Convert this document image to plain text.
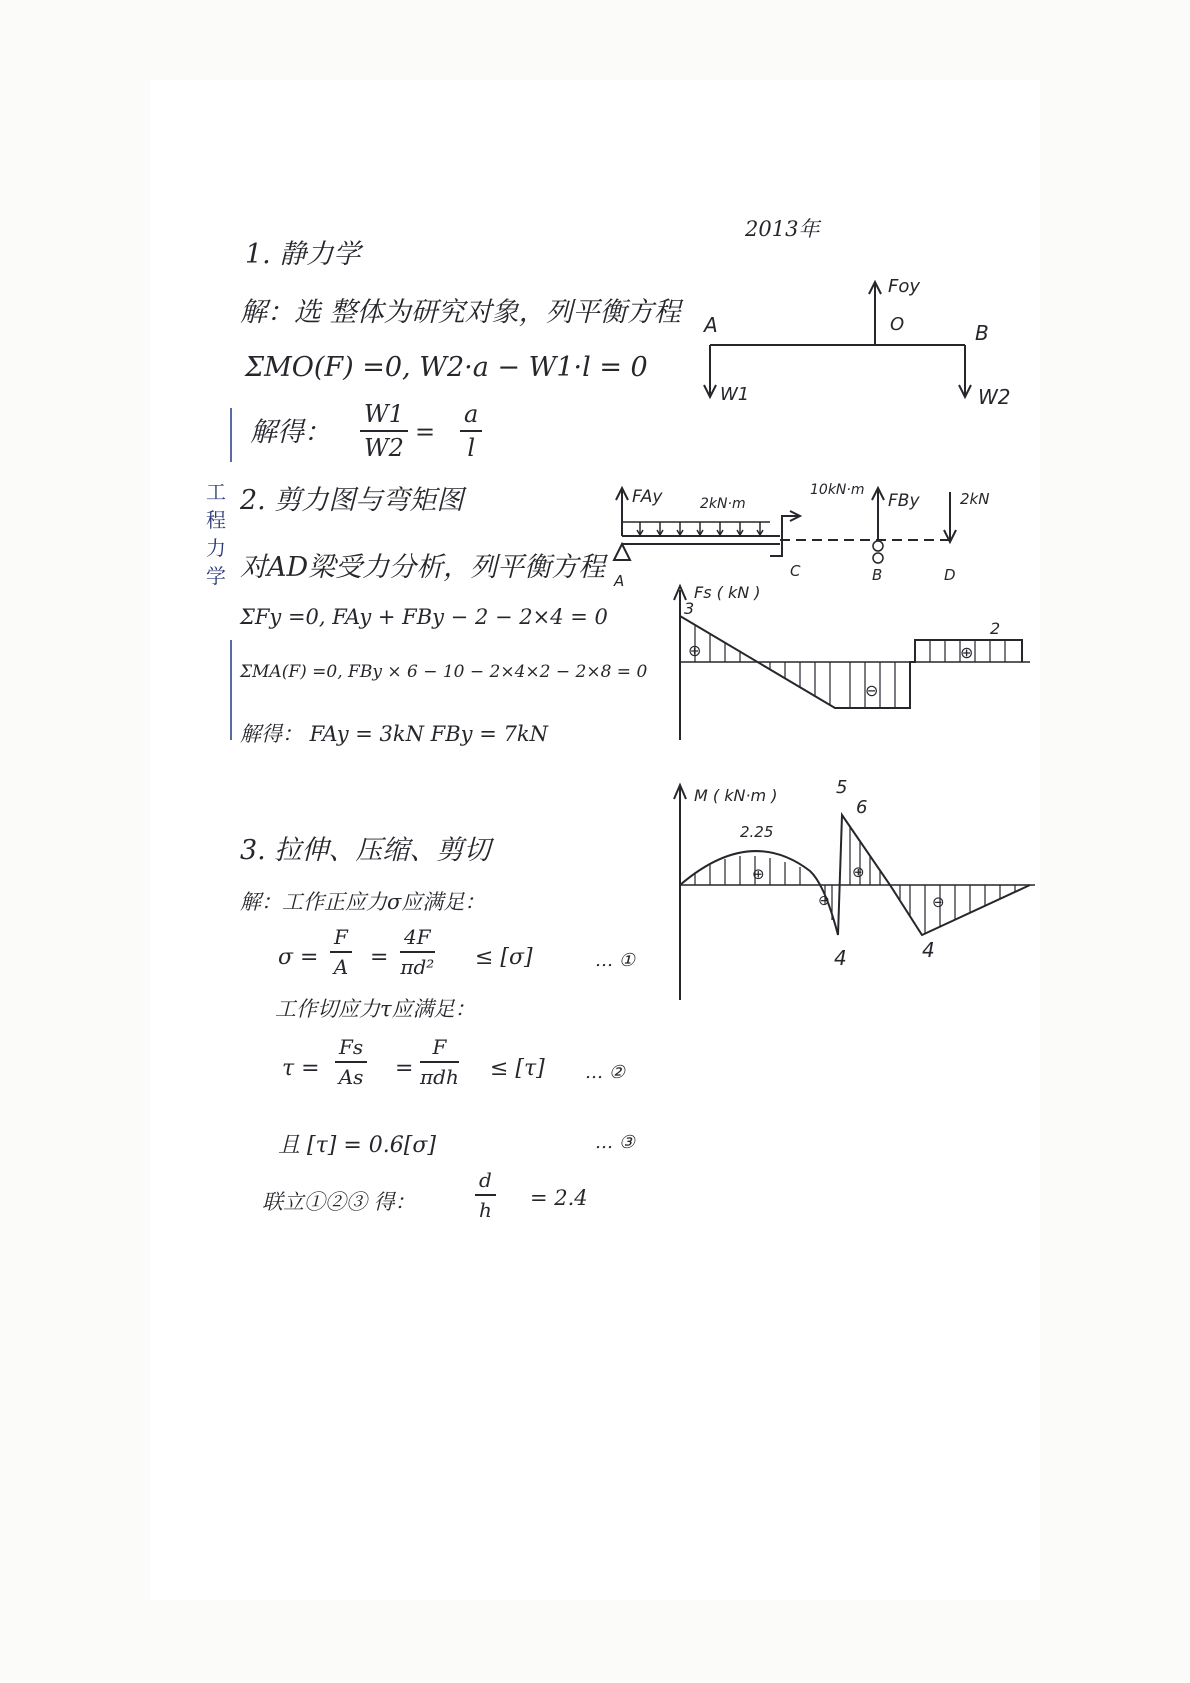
2013年
工程力学
1. 静力学
解：选 整体为研究对象，列平衡方程
ΣMO(F) =0, W2·a − W1·l = 0
解得： $\frac{W1}{W2} = \frac{a}{l}$
A	O	B
Foy
W1	W2
2. 剪力图与弯矩图
对AD梁受力分析，列平衡方程
ΣFy =0, FAy + FBy − 2 − 2×4 = 0
ΣMA(F) =0, FBy × 6 − 10 − 2×4×2 − 2×8 = 0
解得： FAy = 3kN FBy = 7kN
FAy	2kN·m
10kN·m
FBy	2kN
A
C	B	D
Fs ( kN )
3
2
⊕
⊖
⊕
M ( kN·m )
2.25
5
6
4	4
⊕	⊕
⊖	⊖
3. 拉伸、压缩、剪切
解：工作正应力σ应满足：
$\sigma = \frac{F}{A} = \frac{4F}{\text{πd²}} \le [\sigma]$	… ①
工作切应力τ应满足：
$\tau = \frac{Fs}{As}$ =
F
πdh ≤ [τ] … ②
且 [τ] = 0.6[σ]	… ③
联立①②③ 得：	$\frac{d}{h} = 2.4$
